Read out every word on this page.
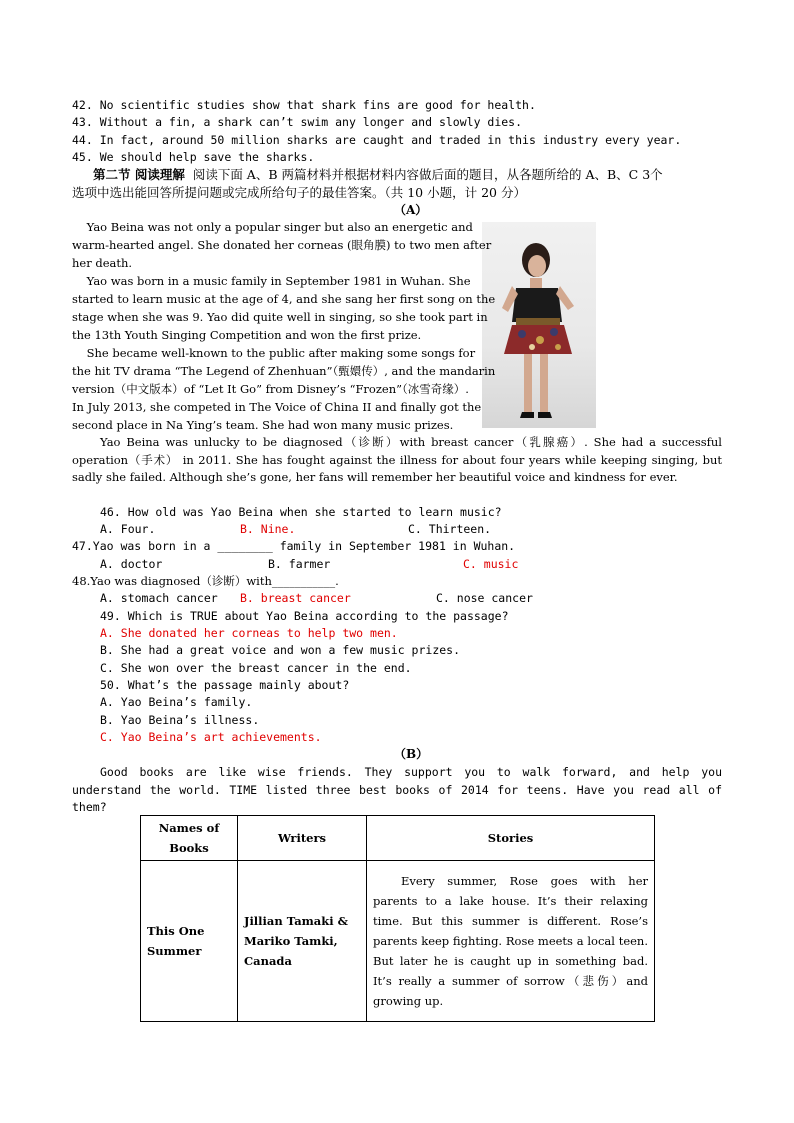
42. No scientific studies show that shark fins are good for health.
43. Without a fin, a shark can’t swim any longer and slowly dies.
44. In fact, around 50 million sharks are caught and traded in this industry every year.
45. We should help save the sharks.
第二节 阅读理解 阅读下面 A、B 两篇材料并根据材料内容做后面的题目，从各题所给的 A、B、C 3个
选项中选出能回答所提问题或完成所给句子的最佳答案。（共 10 小题，计 20 分）
（A）
Yao Beina was not only a popular singer but also an energetic and
warm-hearted angel. She donated her corneas (眼角膜) to two men after
her death.
Yao was born in a music family in September 1981 in Wuhan. She
started to learn music at the age of 4, and she sang her first song on the
stage when she was 9. Yao did quite well in singing, so she took part in
the 13th Youth Singing Competition and won the first prize.
She became well-known to the public after making some songs for
the hit TV drama “The Legend of Zhenhuan”（甄嬛传）, and the mandarin
version（中文版本）of “Let It Go” from Disney’s “Frozen”（冰雪奇缘）.
In July 2013, she competed in The Voice of China II and finally got the
second place in Na Ying’s team. She had won many music prizes.
Yao Beina was unlucky to be diagnosed（诊断）with breast cancer（乳腺癌）. She had a successful operation（手术） in 2011. She has fought against the illness for about four years while keeping singing, but sadly she failed. Although she’s gone, her fans will remember her beautiful voice and kindness for ever.
46. How old was Yao Beina when she started to learn music?
A. Four.	B. Nine.	C. Thirteen.
47.Yao was born in a ________ family in September 1981 in Wuhan.
A. doctor	B. farmer	C. music
48.Yao was diagnosed（诊断）with___________.
A. stomach cancer B. breast cancer	C. nose cancer
49. Which is TRUE about Yao Beina according to the passage?
A. She donated her corneas to help two men.
B. She had a great voice and won a few music prizes.
C. She won over the breast cancer in the end.
50. What’s the passage mainly about?
A. Yao Beina’s family.
B. Yao Beina’s illness.
C. Yao Beina’s art achievements.
（B）
Good books are like wise friends. They support you to walk forward, and help you understand the world. TIME listed three best books of 2014 for teens. Have you read all of them?
Names of Books	Writers	Stories
This One Summer	Jillian Tamaki & Mariko Tamki, Canada	Every summer, Rose goes with her parents to a lake house. It’s their relaxing time. But this summer is different. Rose’s parents keep fighting. Rose meets a local teen. But later he is caught up in something bad. It’s really a summer of sorrow（悲伤）and growing up.
